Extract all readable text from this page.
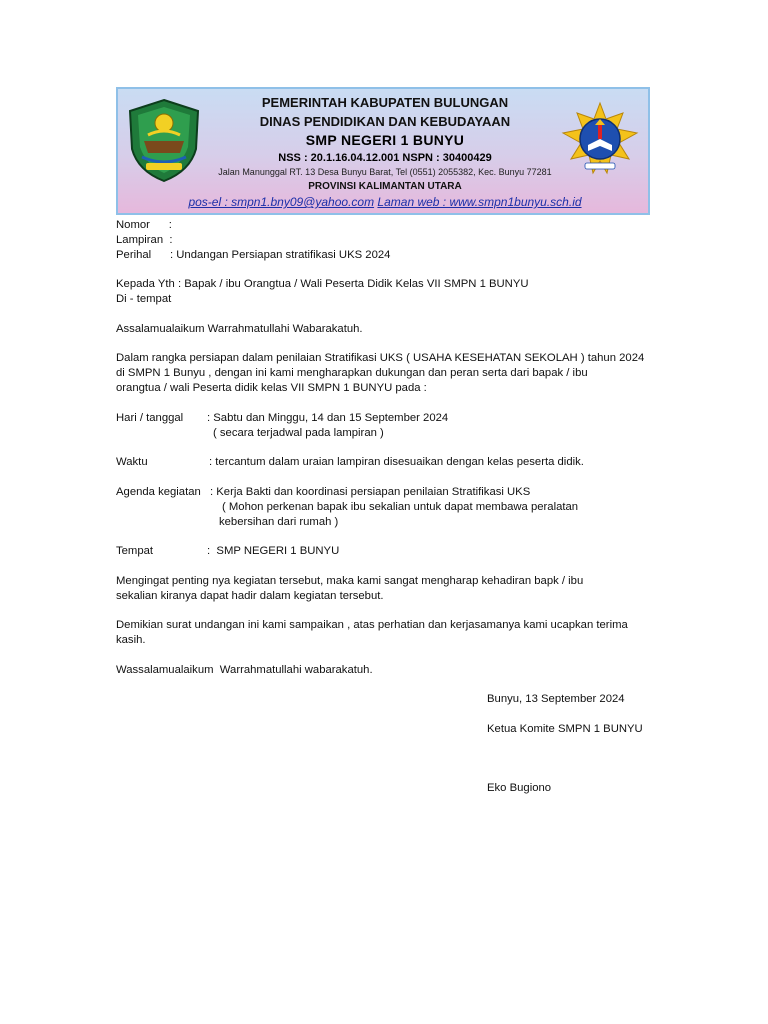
PEMERINTAH KABUPATEN BULUNGAN
DINAS PENDIDIKAN DAN KEBUDAYAAN
SMP NEGERI 1 BUNYU
NSS : 20.1.16.04.12.001 NSPN : 30400429
Jalan Manunggal RT. 13 Desa Bunyu Barat, Tel (0551) 2055382, Kec. Bunyu 77281
PROVINSI KALIMANTAN UTARA
pos-el : smpn1.bny09@yahoo.com Laman web : www.smpn1bunyu.sch.id
Nomor      :
Lampiran  :
Perihal      : Undangan Persiapan stratifikasi UKS 2024
Kepada Yth : Bapak / ibu Orangtua / Wali Peserta Didik Kelas VII SMPN 1 BUNYU
Di - tempat
Assalamualaikum Warrahmatullahi Wabarakatuh.
Dalam rangka persiapan dalam penilaian Stratifikasi UKS ( USAHA KESEHATAN SEKOLAH ) tahun 2024
di SMPN 1 Bunyu , dengan ini kami mengharapkan dukungan dan peran serta dari bapak / ibu
orangtua / wali Peserta didik kelas VII SMPN 1 BUNYU pada :
Hari / tanggal : Sabtu dan Minggu, 14 dan 15 September 2024
( secara terjadwal pada lampiran )
Waktu	: tercantum dalam uraian lampiran disesuaikan dengan kelas peserta didik.
Agenda kegiatan : Kerja Bakti dan koordinasi persiapan penilaian Stratifikasi UKS
( Mohon perkenan bapak ibu sekalian untuk dapat membawa peralatan
kebersihan dari rumah )
Tempat	:  SMP NEGERI 1 BUNYU
Mengingat penting nya kegiatan tersebut, maka kami sangat mengharap kehadiran bapk / ibu
sekalian kiranya dapat hadir dalam kegiatan tersebut.
Demikian surat undangan ini kami sampaikan , atas perhatian dan kerjasamanya kami ucapkan terima
kasih.
Wassalamualaikum  Warrahmatullahi wabarakatuh.
Bunyu, 13 September 2024
Ketua Komite SMPN 1 BUNYU
Eko Bugiono
